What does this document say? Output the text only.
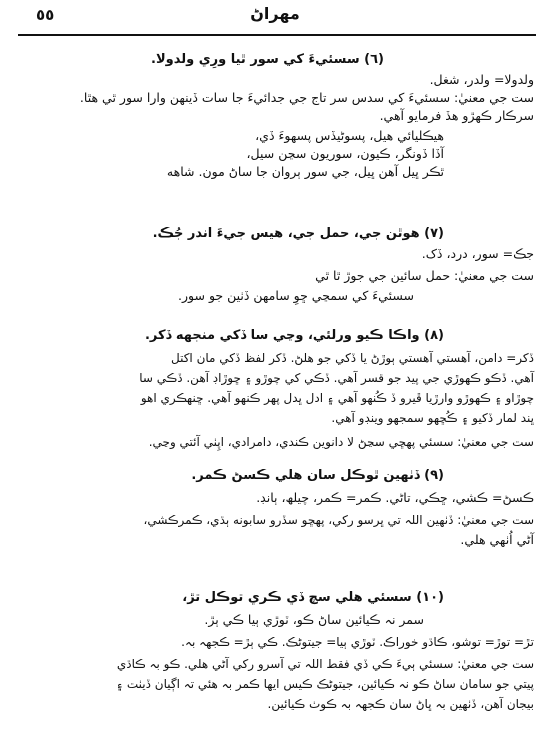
٥٥	مهراڻ
(٦) سسئيءَ کي سور ٿيا ورِي ولدولا.
ولدولا= ولدر، شغل.
ست جي معنيٰ: سسئيءَ کي سدس سر تاج جي جدائيءَ جا سات ڏينهن وارا سور ٿي هٿا.
سرڪار ڪهڙو هڏ فرمايو آهي.
هيڪليائي هيل، پسوڻيڏس پسهوءَ ڏي،
آڏا ڏونگر، ڪيون، سوريون سڃن سيل،
ٿڪر ڀيل آهن ڀيل، جي سور ٻروان جا ساڻ مون. شاهه
(٧) هوٿن جي، حمل جي، هيس جيءَ اندر جُڪ.
جڪ= سور، درد، ڏک.
ست جي معنيٰ: حمل سائين جي جوڙ ٿا ٿي
سسئيءَ کي سمڃي ڇوِ سامهن ڏٺين جو سور.
(٨) واڪا ڪيو ورلئي، وڃي سا ڏکي منجهه ڏکر.
ڏکر= دامن، آهستي آهستي ٻوڙڻ يا ڏکي جو هلڻ. ڏکر لفظ ڏکي مان اکتل
آهي. ڏڪو ڪهوڙي جي پيد جو قسر آهي. ڏڪي کي چوڙو ۽ ڇوڙاڊ آهن. ڏڪي سا
چوڙاو ۽ ڪهوڙو وارڙيا ڦيرو ڏ ڪُنهو آهي ۽ ادل ڀدل پهر ڪنهو آهي. ڇنهڪري اهو
ڀند لمار ڏکيو ۽ ڪُڇهو سمجهو وينڊو آهي.
ست جي معنيٰ: سسئي پهڇي سڃڻ لا دانوين ڪندي، دامرادي، اپِٺي آئتي وڃي.
(٩) ڏٺهين ٿوڪل سان هلي ڪسڻ ڪمر.
ڪسڻ= ڪشي، ڇڪي، تاڻي. ڪمر= ڪمر، چيلھ، ٻانڊ.
ست جي معنيٰ: ڏٺهين اللہ تي ڀرسو رکي، پهڇو سڏرو سابونه ٻڌي، ڪمرڪشي،
آڻي اُٺهي هلي.
(١٠) سسئي هلي سچ ڏي ڪري توڪل تڙ،
سمر نہ ڪيائين ساڻ ڪو، ٽوڙي ٻيا ڪي ٻڙ.
تڙ= توڙ= توشو، ڪاڌو خوراڪ. ٽوڙي ٻيا= جيتوڻڪ. ڪي ٻڙ= ڪجهہ بہ.
ست جي معنيٰ: سسئي ٻيءَ ڪي ڏي فقط اللہ تي آسرو رکي آڻي هلي. ڪو بہ ڪاڌي
پيتي جو سامان ساڻ ڪو نہ ڪيائين، جيتوڻڪ ڪيس ايها ڪمر بہ هئي تہ اڳيان ڏيٺت ۽
بيجان آهن، ڏٺهين بہ ڀاڻ سان ڪجهہ بہ ڪوٺ ڪيائين.
